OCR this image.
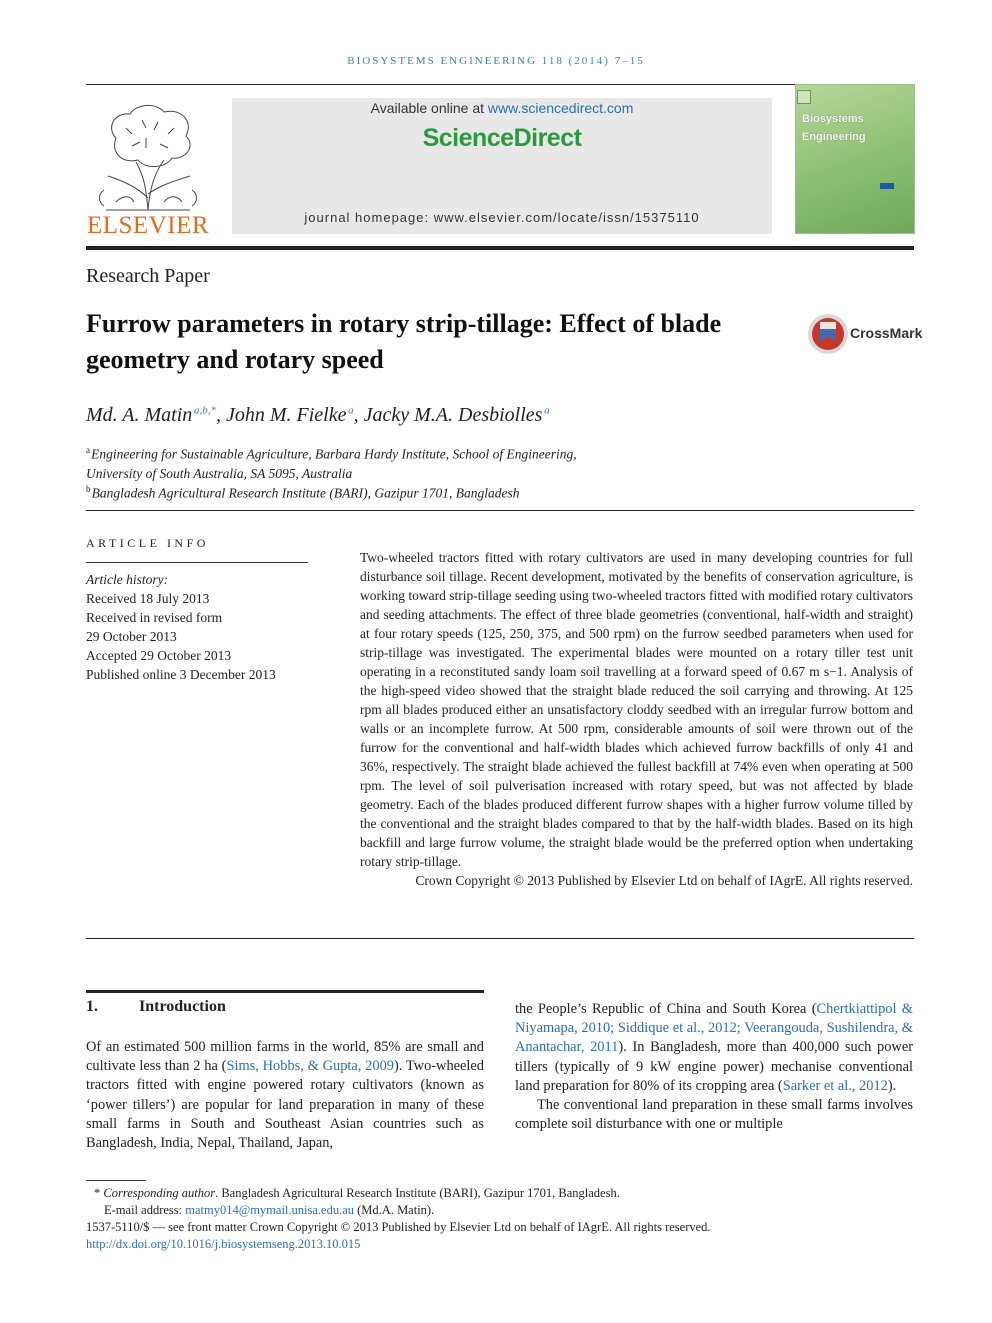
BIOSYSTEMS ENGINEERING 118 (2014) 7–15
ELSEVIER
Available online at www.sciencedirect.com
ScienceDirect
journal homepage: www.elsevier.com/locate/issn/15375110
Biosystems
Engineering
Research Paper
Furrow parameters in rotary strip-tillage: Effect of blade geometry and rotary speed
CrossMark
Md. A. Matin  $^{a,b,*}$, John M. Fielke  $^a$, Jacky M.A. Desbiolles  $^a$
$^a$ Engineering for Sustainable Agriculture, Barbara Hardy Institute, School of Engineering,
University of South Australia, SA 5095, Australia
$^b$ Bangladesh Agricultural Research Institute (BARI), Gazipur 1701, Bangladesh
ARTICLE INFO
Article history:
Received 18 July 2013
Received in revised form
29 October 2013
Accepted 29 October 2013
Published online 3 December 2013

Two-wheeled tractors fitted with rotary cultivators are used in many developing countries for full disturbance soil tillage. Recent development, motivated by the benefits of conservation agriculture, is working toward strip-tillage seeding using two-wheeled tractors fitted with modified rotary cultivators and seeding attachments. The effect of three blade geometries (conventional, half-width and straight) at four rotary speeds (125, 250, 375, and 500 rpm) on the furrow seedbed parameters when used for strip-tillage was investigated. The experimental blades were mounted on a rotary tiller test unit operating in a reconstituted sandy loam soil travelling at a forward speed of 0.67 m s−1. Analysis of the high-speed video showed that the straight blade reduced the soil carrying and throwing. At 125 rpm all blades produced either an unsatisfactory cloddy seedbed with an irregular furrow bottom and walls or an incomplete furrow. At 500 rpm, considerable amounts of soil were thrown out of the furrow for the conventional and half-width blades which achieved furrow backfills of only 41 and 36%, respectively. The straight blade achieved the fullest backfill at 74% even when operating at 500 rpm. The level of soil pulverisation increased with rotary speed, but was not affected by blade geometry. Each of the blades produced different furrow shapes with a higher furrow volume tilled by the conventional and the straight blades compared to that by the half-width blades. Based on its high backfill and large furrow volume, the straight blade would be the preferred option when undertaking rotary strip-tillage.

Crown Copyright © 2013 Published by Elsevier Ltd on behalf of IAgrE. All rights reserved.

1.	Introduction

Of an estimated 500 million farms in the world, 85% are small and cultivate less than 2 ha (Sims, Hobbs, & Gupta, 2009). Two-wheeled tractors fitted with engine powered rotary cultivators (known as ‘power tillers’) are popular for land preparation in many of these small farms in South and Southeast Asian countries such as Bangladesh, India, Nepal, Thailand, Japan,

the People’s Republic of China and South Korea (Chertkiattipol & Niyamapa, 2010; Siddique et al., 2012; Veerangouda, Sushilendra, & Anantachar, 2011). In Bangladesh, more than 400,000 such power tillers (typically of 9 kW engine power) mechanise conventional land preparation for 80% of its cropping area (Sarker et al., 2012).

The conventional land preparation in these small farms involves complete soil disturbance with one or multiple

* Corresponding author. Bangladesh Agricultural Research Institute (BARI), Gazipur 1701, Bangladesh.
E-mail address: matmy014@mymail.unisa.edu.au (Md.A. Matin).
1537-5110/$ — see front matter Crown Copyright © 2013 Published by Elsevier Ltd on behalf of IAgrE. All rights reserved.
http://dx.doi.org/10.1016/j.biosystemseng.2013.10.015
